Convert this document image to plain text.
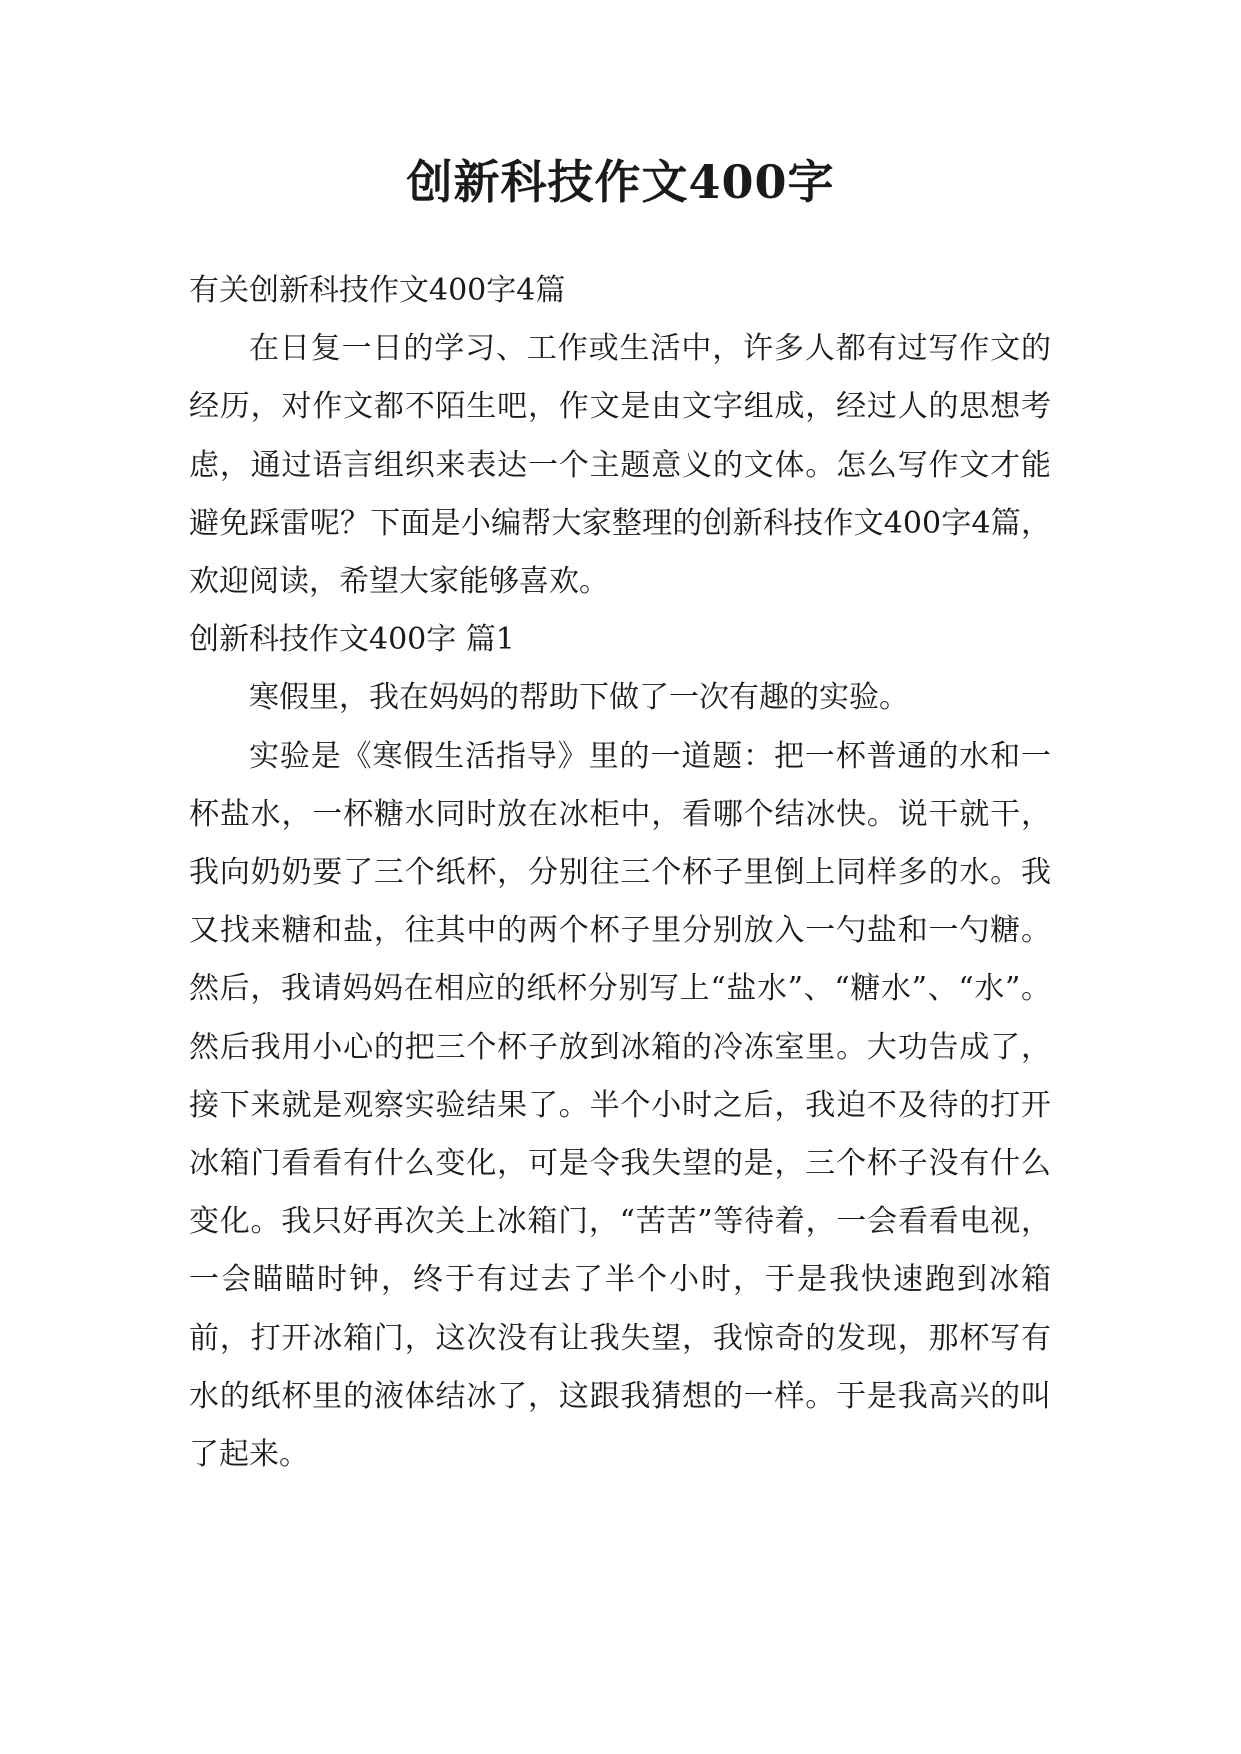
创新科技作文400字

有关创新科技作文400字4篇

在日复一日的学习、工作或生活中，许多人都有过写作文的经历，对作文都不陌生吧，作文是由文字组成，经过人的思想考虑，通过语言组织来表达一个主题意义的文体。怎么写作文才能避免踩雷呢？下面是小编帮大家整理的创新科技作文400字4篇，欢迎阅读，希望大家能够喜欢。

创新科技作文400字 篇1

寒假里，我在妈妈的帮助下做了一次有趣的实验。

实验是《寒假生活指导》里的一道题：把一杯普通的水和一杯盐水，一杯糖水同时放在冰柜中，看哪个结冰快。说干就干，我向奶奶要了三个纸杯，分别往三个杯子里倒上同样多的水。我又找来糖和盐，往其中的两个杯子里分别放入一勺盐和一勺糖。然后，我请妈妈在相应的纸杯分别写上“盐水”、“糖水”、“水”。然后我用小心的把三个杯子放到冰箱的冷冻室里。大功告成了，接下来就是观察实验结果了。半个小时之后，我迫不及待的打开冰箱门看看有什么变化，可是令我失望的是，三个杯子没有什么变化。我只好再次关上冰箱门，“苦苦”等待着，一会看看电视，一会瞄瞄时钟，终于有过去了半个小时，于是我快速跑到冰箱前，打开冰箱门，这次没有让我失望，我惊奇的发现，那杯写有水的纸杯里的液体结冰了，这跟我猜想的一样。于是我高兴的叫了起来。
